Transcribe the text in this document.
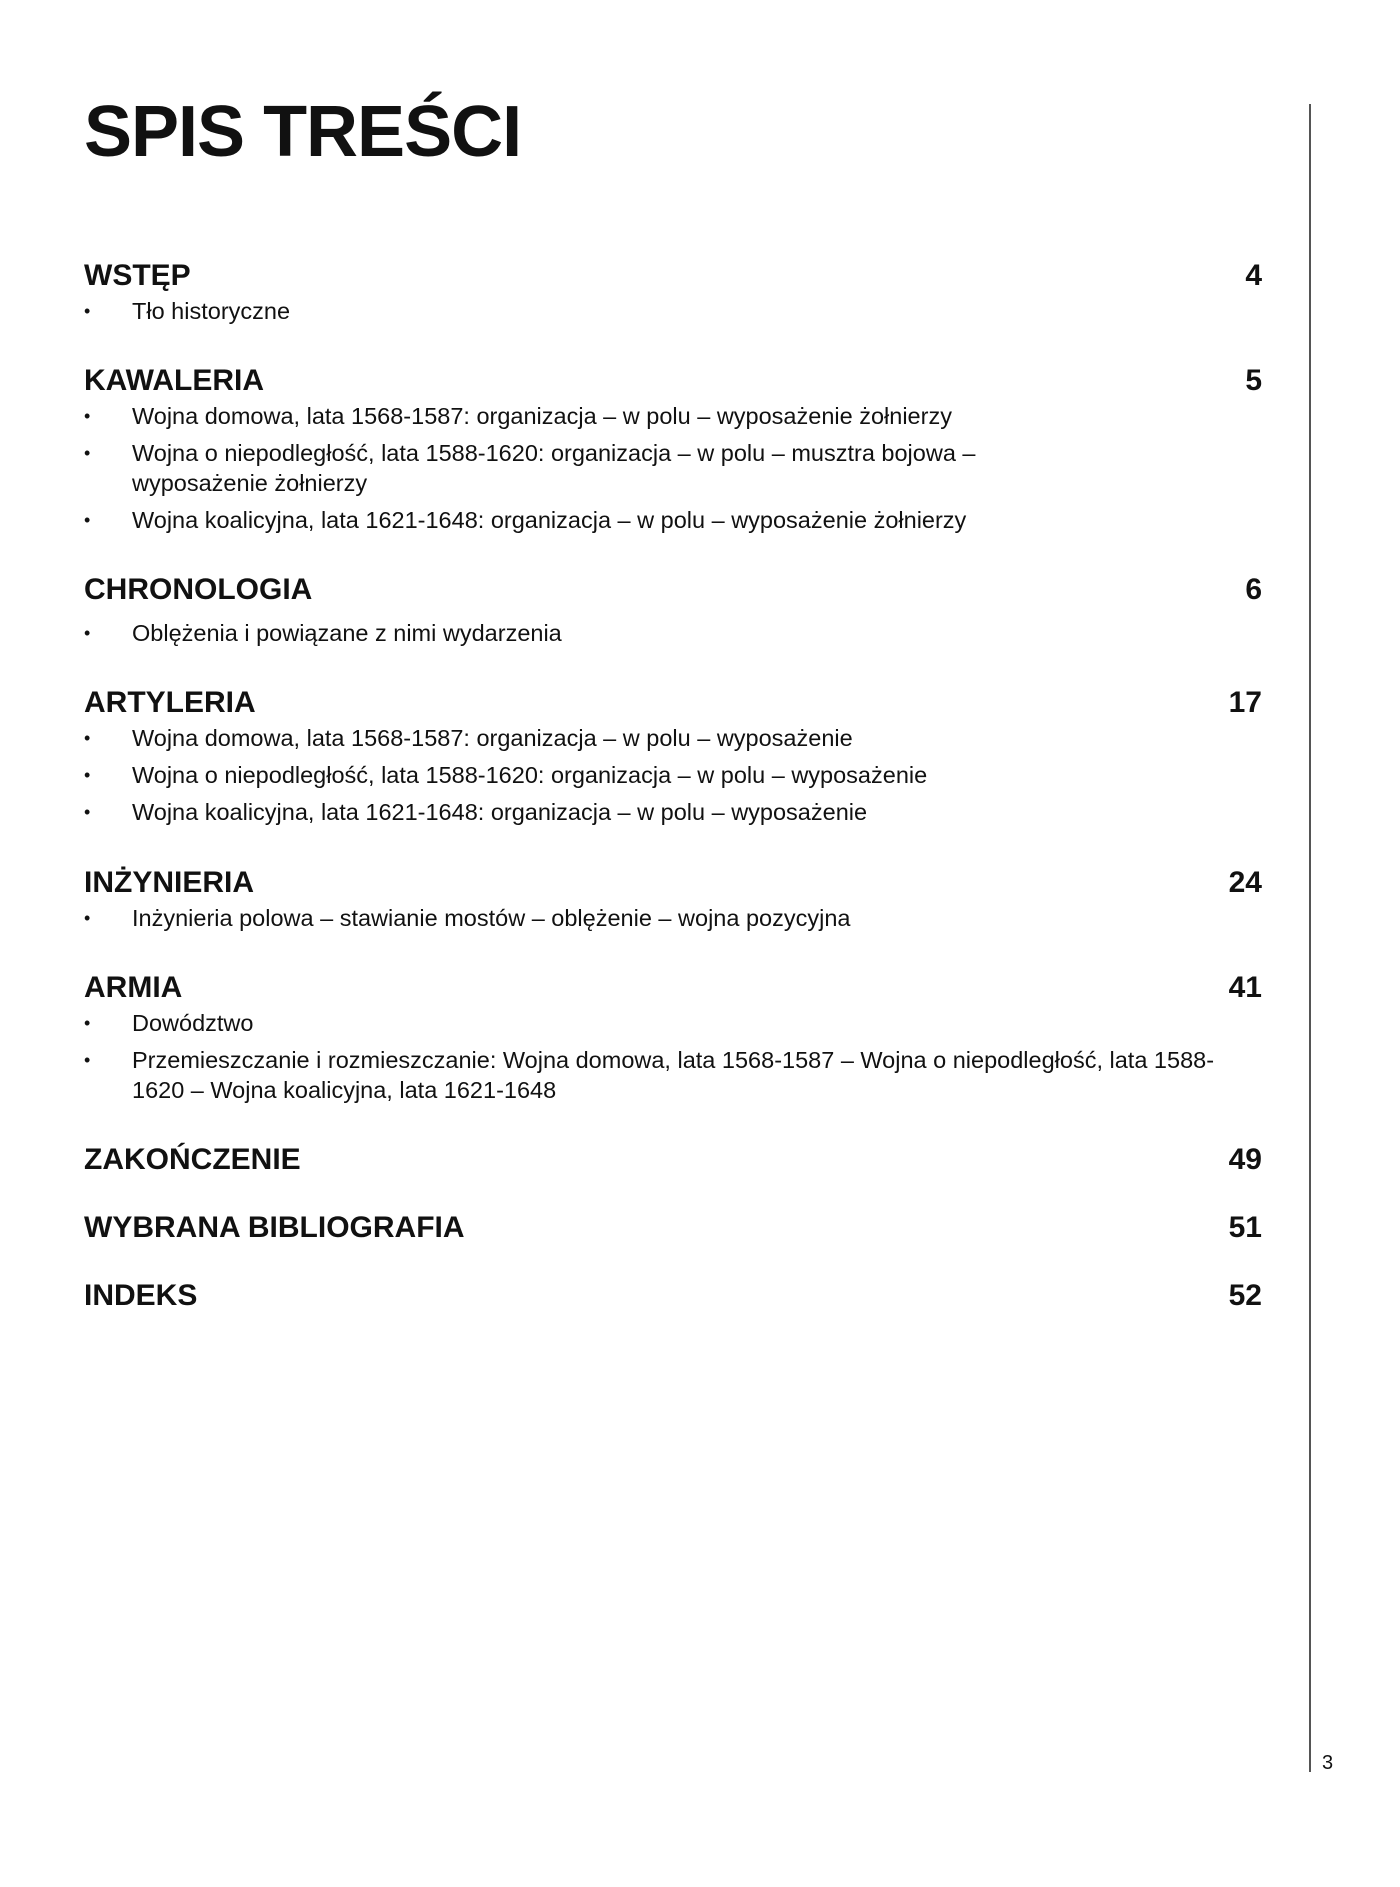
SPIS TREŚCI
3
WSTĘP	4
• Tło historyczne
KAWALERIA	5
• Wojna domowa, lata 1568-1587: organizacja – w polu – wyposażenie żołnierzy
• Wojna o niepodległość, lata 1588-1620: organizacja – w polu – musztra bojowa – wyposażenie żołnierzy
• Wojna koalicyjna, lata 1621-1648: organizacja – w polu – wyposażenie żołnierzy
CHRONOLOGIA	6
• Oblężenia i powiązane z nimi wydarzenia
ARTYLERIA	17
• Wojna domowa, lata 1568-1587: organizacja – w polu – wyposażenie
• Wojna o niepodległość, lata 1588-1620: organizacja – w polu – wyposażenie
• Wojna koalicyjna, lata 1621-1648: organizacja – w polu – wyposażenie
INŻYNIERIA	24
• Inżynieria polowa – stawianie mostów – oblężenie – wojna pozycyjna
ARMIA	41
• Dowództwo
• Przemieszczanie i rozmieszczanie: Wojna domowa, lata 1568-1587 – Wojna o niepodległość, lata 1588-1620 – Wojna koalicyjna, lata 1621-1648
ZAKOŃCZENIE	49
WYBRANA BIBLIOGRAFIA	51
INDEKS	52
